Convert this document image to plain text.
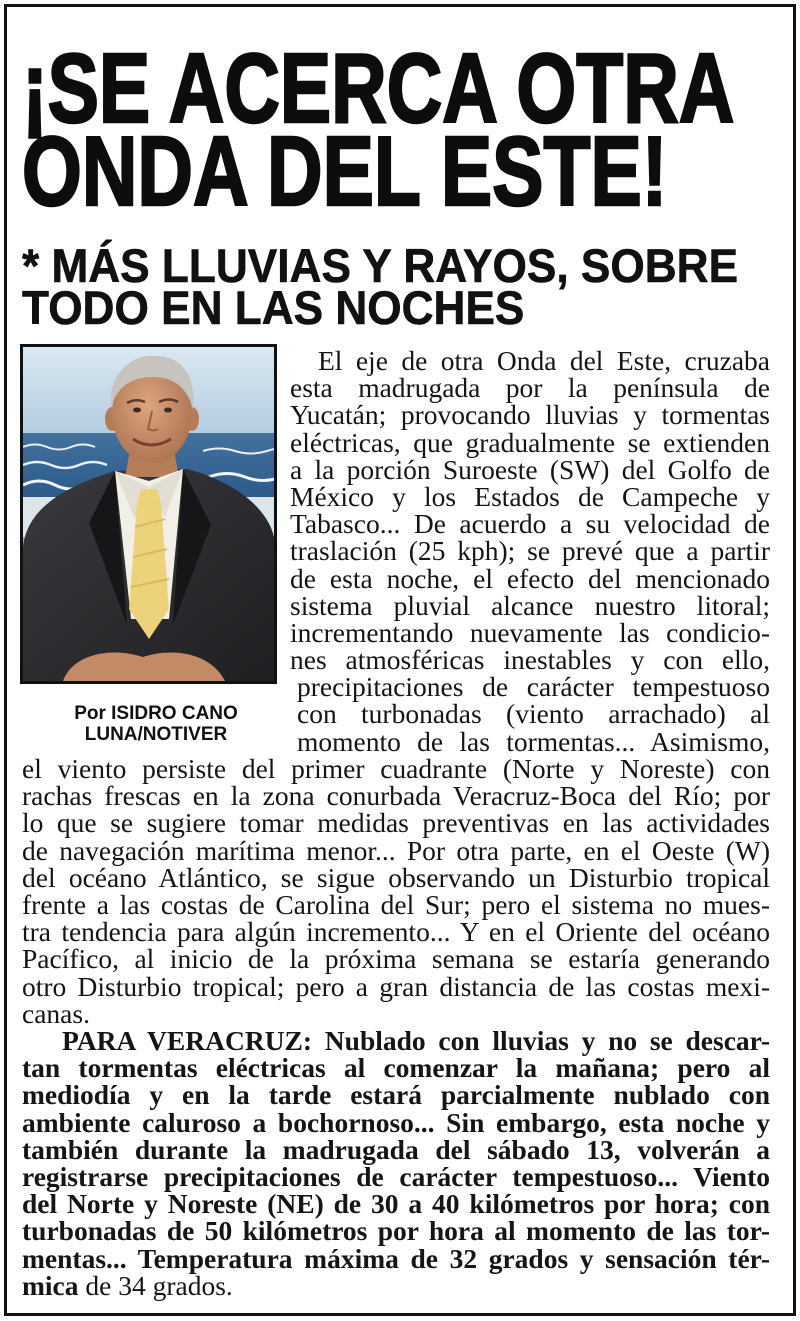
¡SE ACERCA OTRA
ONDA DEL ESTE!
* MÁS LLUVIAS Y RAYOS, SOBRE
TODO EN LAS NOCHES
Por ISIDRO CANO
LUNA/NOTIVER
El eje de otra Onda del Este, cruzaba
esta madrugada por la península de
Yucatán; provocando lluvias y tormentas
eléctricas, que gradualmente se extienden
a la porción Suroeste (SW) del Golfo de
México y los Estados de Campeche y
Tabasco... De acuerdo a su velocidad de
traslación (25 kph); se prevé que a partir
de esta noche, el efecto del mencionado
sistema pluvial alcance nuestro litoral;
incrementando nuevamente las condicio-
nes atmosféricas inestables y con ello,
precipitaciones de carácter tempestuoso
con turbonadas (viento arrachado) al
momento de las tormentas... Asimismo,
el viento persiste del primer cuadrante (Norte y Noreste) con
rachas frescas en la zona conurbada Veracruz-Boca del Río; por
lo que se sugiere tomar medidas preventivas en las actividades
de navegación marítima menor... Por otra parte, en el Oeste (W)
del océano Atlántico, se sigue observando un Disturbio tropical
frente a las costas de Carolina del Sur; pero el sistema no mues-
tra tendencia para algún incremento... Y en el Oriente del océano
Pacífico, al inicio de la próxima semana se estaría generando
otro Disturbio tropical; pero a gran distancia de las costas mexi-
canas.
PARA VERACRUZ: Nublado con lluvias y no se descar-
tan tormentas eléctricas al comenzar la mañana; pero al
mediodía y en la tarde estará parcialmente nublado con
ambiente caluroso a bochornoso... Sin embargo, esta noche y
también durante la madrugada del sábado 13, volverán a
registrarse precipitaciones de carácter tempestuoso... Viento
del Norte y Noreste (NE) de 30 a 40 kilómetros por hora; con
turbonadas de 50 kilómetros por hora al momento de las tor-
mentas... Temperatura máxima de 32 grados y sensación tér-
mica de 34 grados.
